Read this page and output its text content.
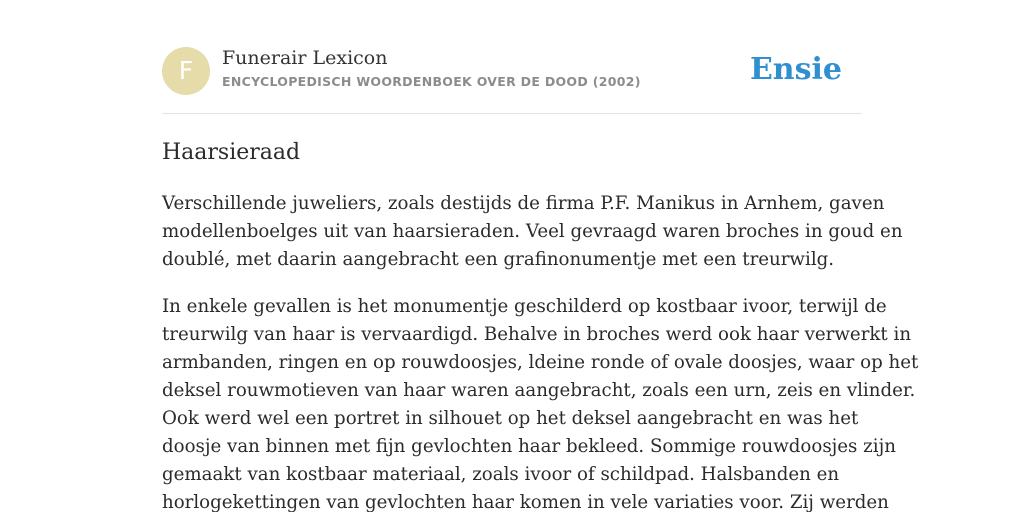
F	Funerair Lexicon
ENCYCLOPEDISCH WOORDENBOEK OVER DE DOOD (2002)	Ensie
Haarsieraad

Verschillende juweliers, zoals destijds de firma P.F. Manikus in Arnhem, gaven
modellenboelges uit van haarsieraden. Veel gevraagd waren broches in goud en
doublé, met daarin aangebracht een grafinonumentje met een treurwilg.

In enkele gevallen is het monumentje geschilderd op kostbaar ivoor, terwijl de
treurwilg van haar is vervaardigd. Behalve in broches werd ook haar verwerkt in
armbanden, ringen en op rouwdoosjes, ldeine ronde of ovale doosjes, waar op het
deksel rouwmotieven van haar waren aangebracht, zoals een urn, zeis en vlinder.
Ook werd wel een portret in silhouet op het deksel aangebracht en was het
doosje van binnen met fijn gevlochten haar bekleed. Sommige rouwdoosjes zijn
gemaakt van kostbaar materiaal, zoals ivoor of schildpad. Halsbanden en
horlogekettingen van gevlochten haar komen in vele variaties voor. Zij werden
